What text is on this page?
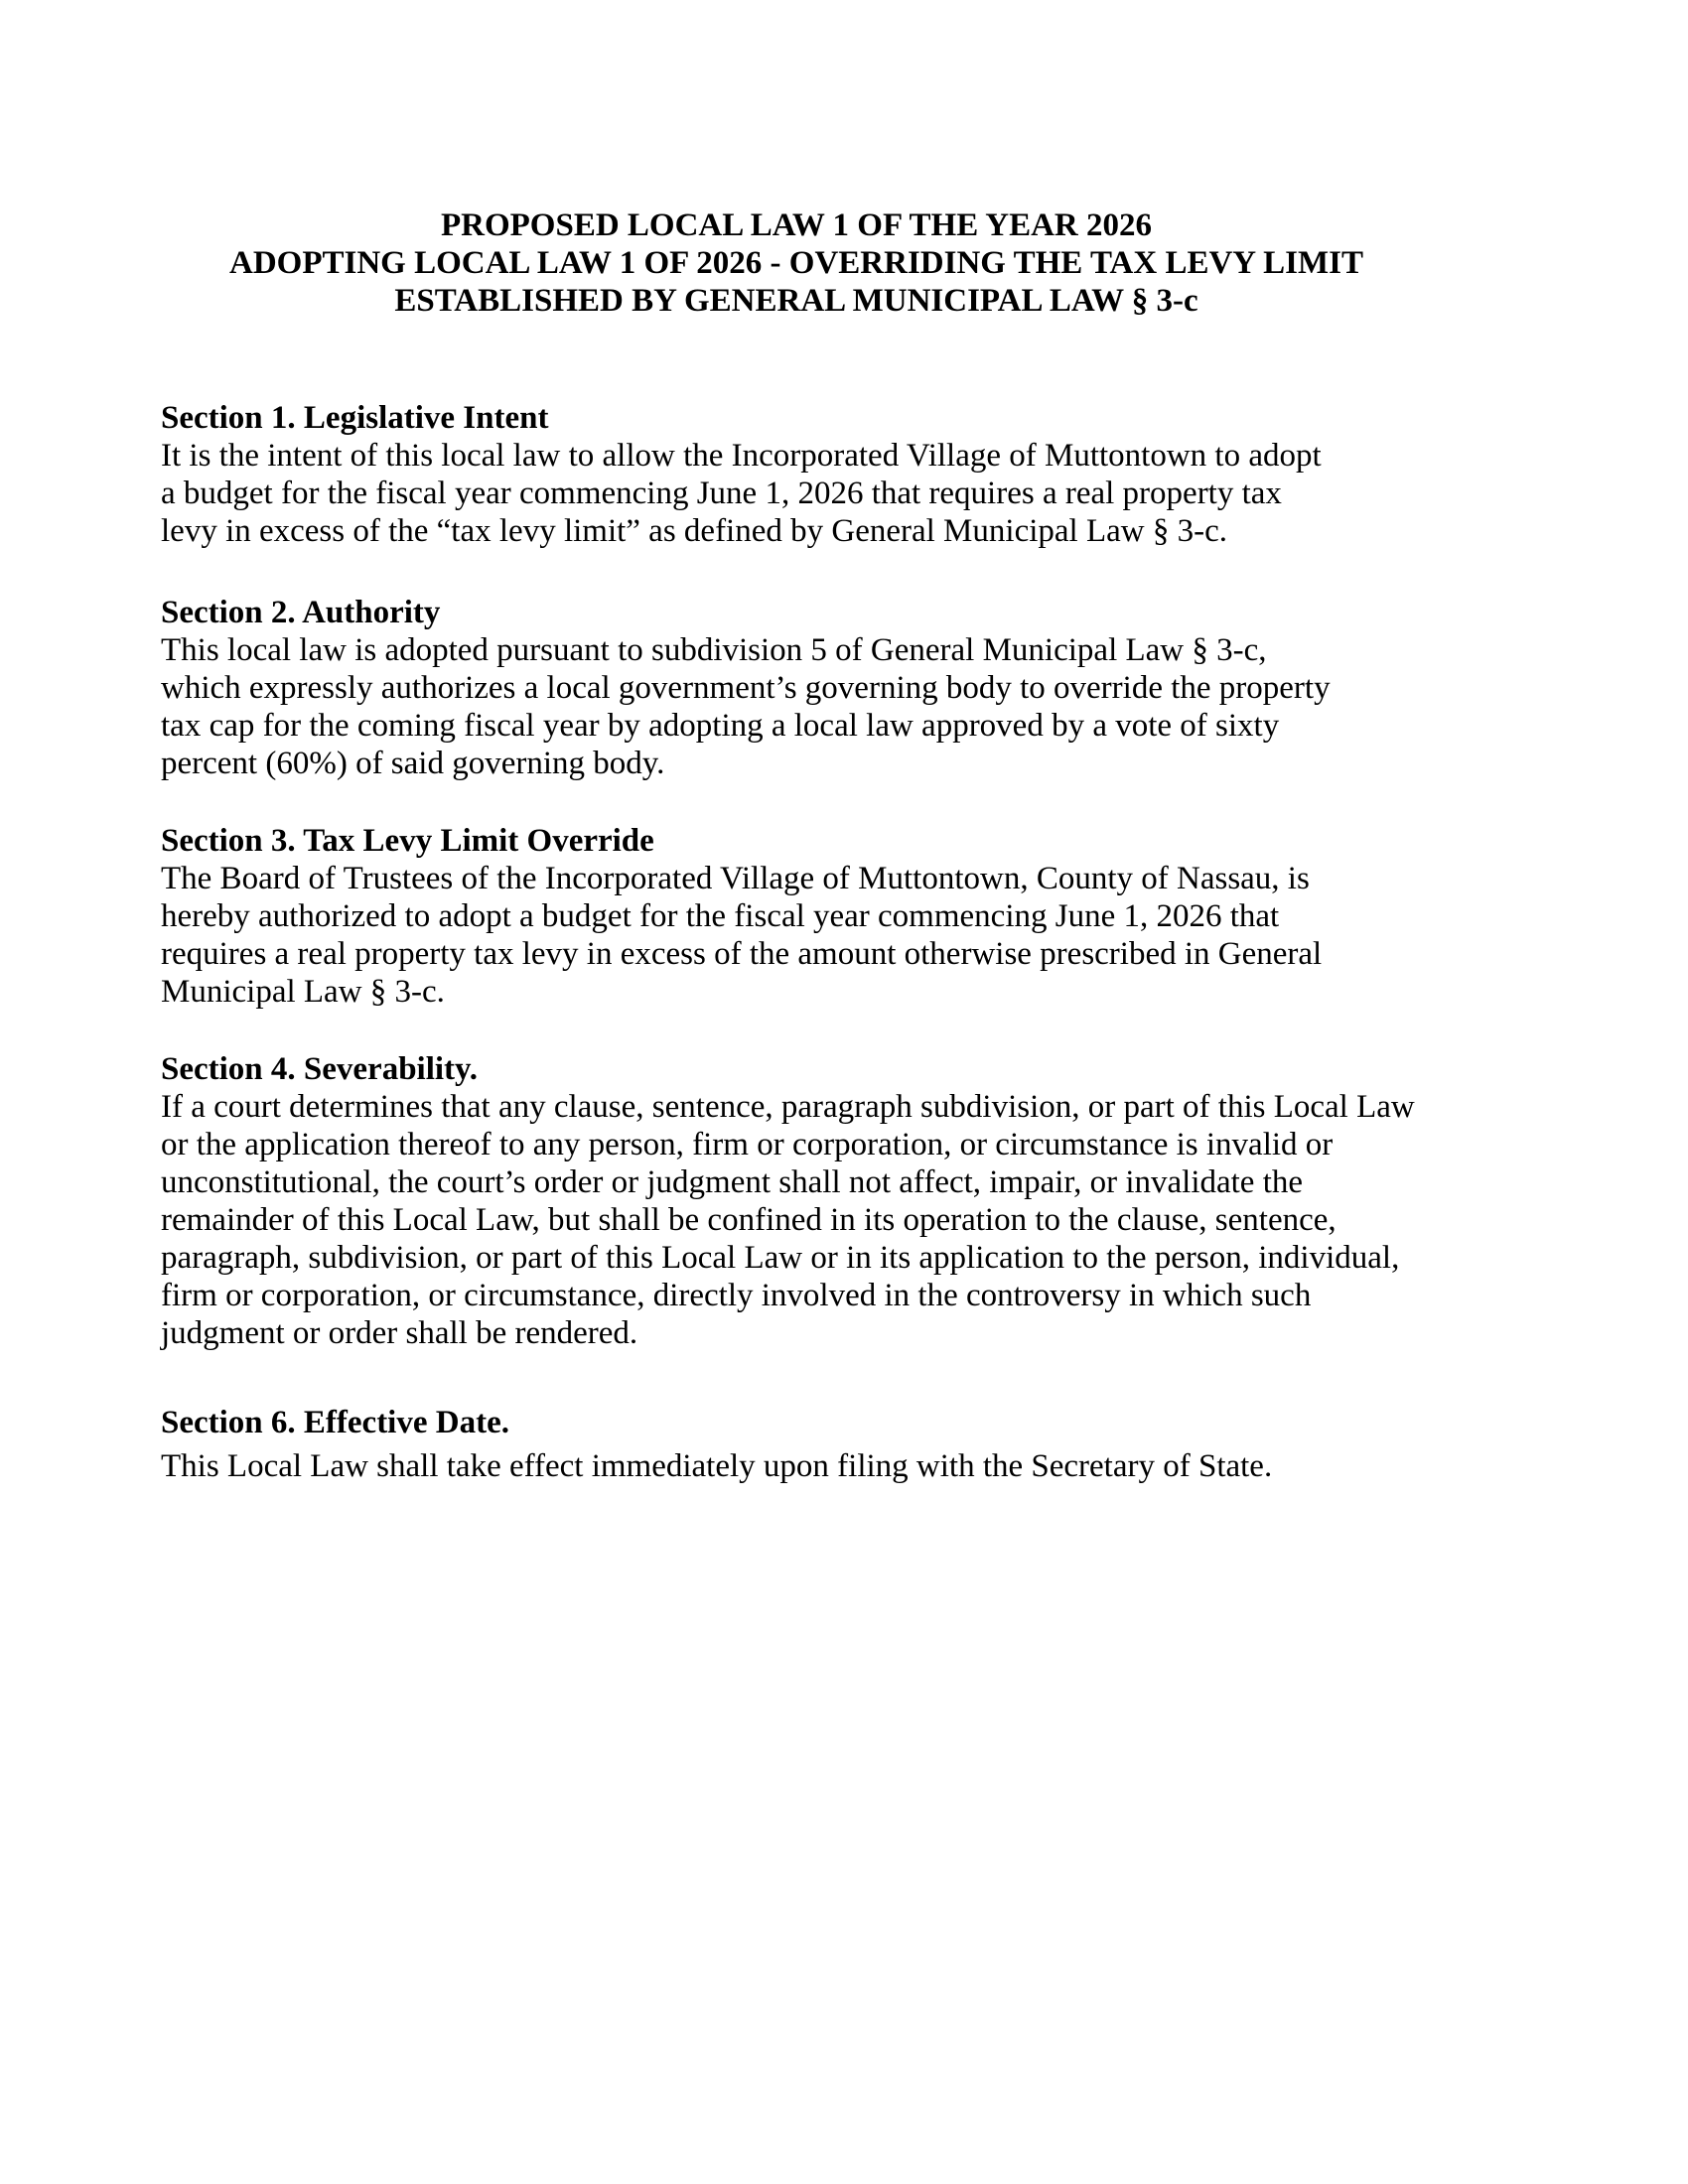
PROPOSED LOCAL LAW 1 OF THE YEAR 2026
ADOPTING LOCAL LAW 1 OF 2026 - OVERRIDING THE TAX LEVY LIMIT
ESTABLISHED BY GENERAL MUNICIPAL LAW § 3-c
Section 1. Legislative Intent
It is the intent of this local law to allow the Incorporated Village of Muttontown to adopt
a budget for the fiscal year commencing June 1, 2026 that requires a real property tax
levy in excess of the “tax levy limit” as defined by General Municipal Law § 3-c.
Section 2. Authority
This local law is adopted pursuant to subdivision 5 of General Municipal Law § 3-c,
which expressly authorizes a local government’s governing body to override the property
tax cap for the coming fiscal year by adopting a local law approved by a vote of sixty
percent (60%) of said governing body.
Section 3. Tax Levy Limit Override
The Board of Trustees of the Incorporated Village of Muttontown, County of Nassau, is
hereby authorized to adopt a budget for the fiscal year commencing June 1, 2026 that
requires a real property tax levy in excess of the amount otherwise prescribed in General
Municipal Law § 3-c.
Section 4. Severability.
If a court determines that any clause, sentence, paragraph subdivision, or part of this Local Law
or the application thereof to any person, firm or corporation, or circumstance is invalid or
unconstitutional, the court’s order or judgment shall not affect, impair, or invalidate the
remainder of this Local Law, but shall be confined in its operation to the clause, sentence,
paragraph, subdivision, or part of this Local Law or in its application to the person, individual,
firm or corporation, or circumstance, directly involved in the controversy in which such
judgment or order shall be rendered.
Section 6. Effective Date.
This Local Law shall take effect immediately upon filing with the Secretary of State.
